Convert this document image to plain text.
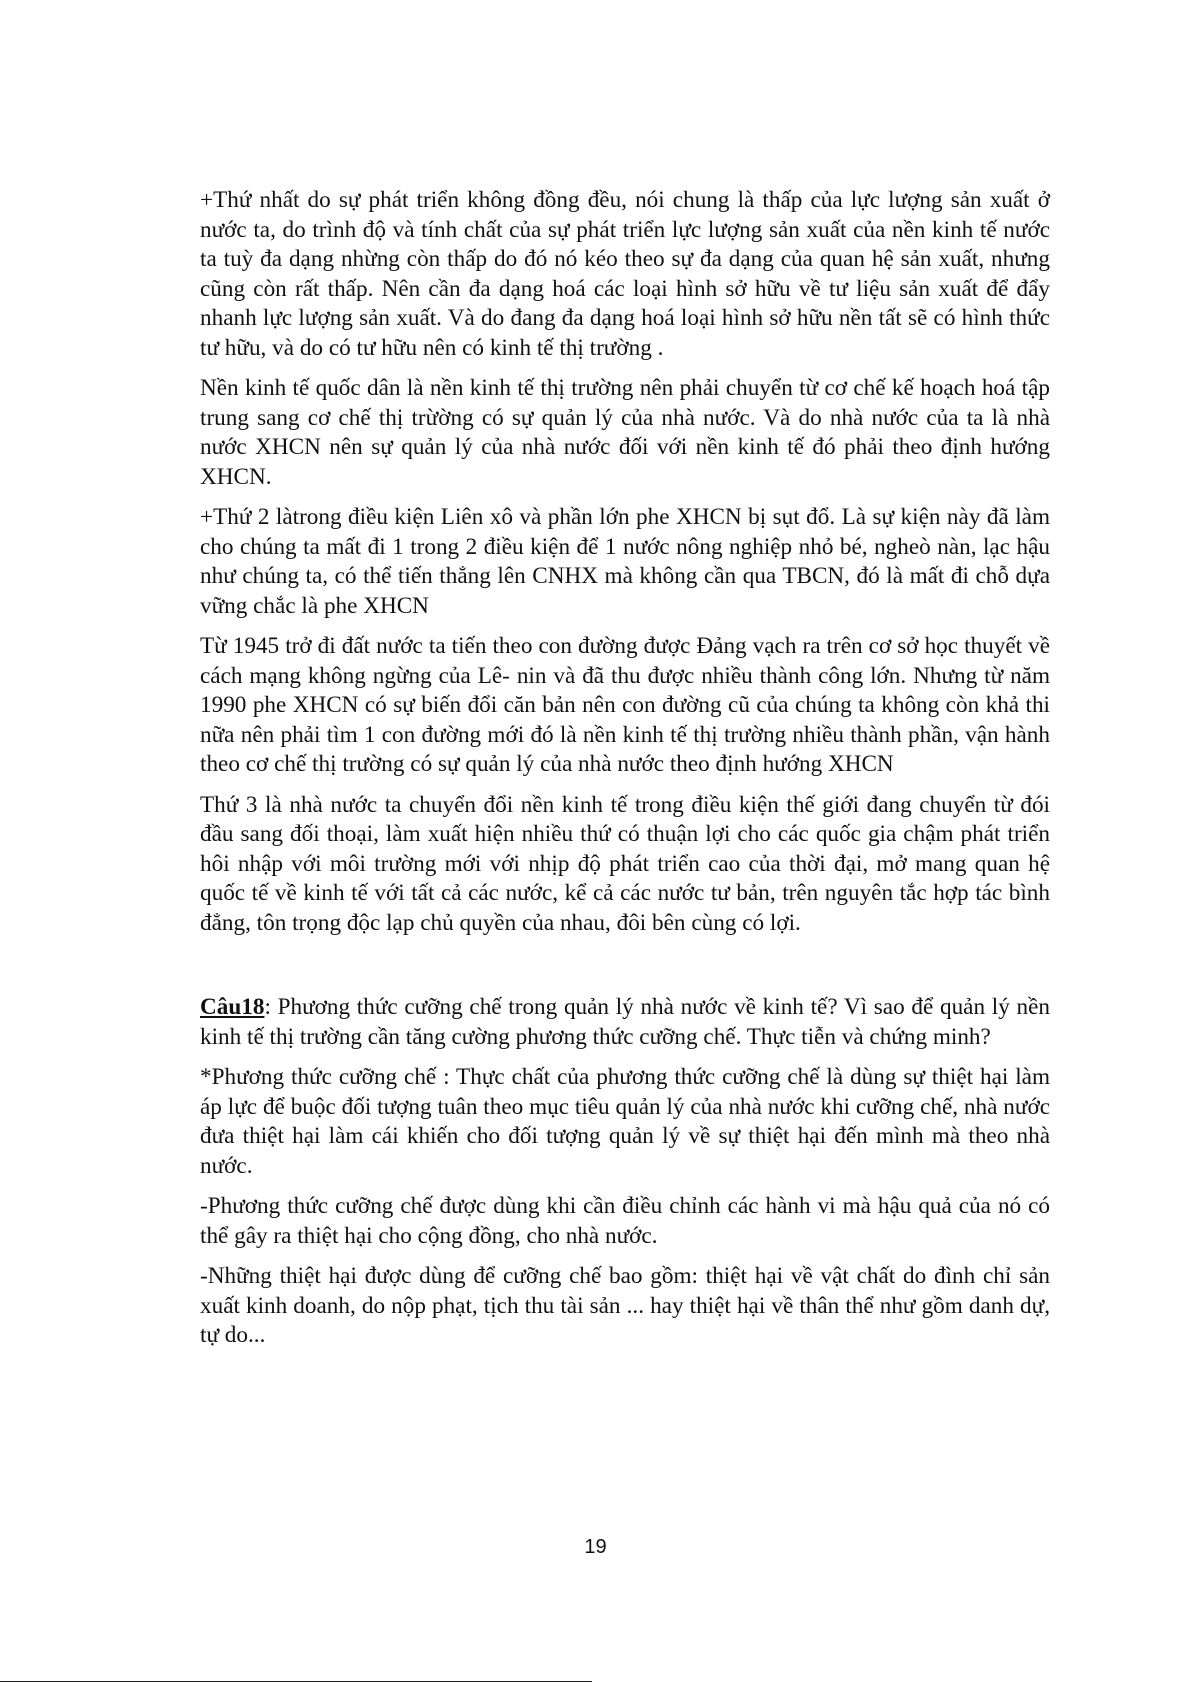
+Thứ nhất do sự phát triển không đồng đều, nói chung là thấp của lực lượng sản xuất ở nước ta, do trình độ và tính chất của sự phát triển lực lượng sản xuất của nền kinh tế nước ta tuỳ đa dạng nhừng còn thấp do đó nó kéo theo sự đa dạng của quan hệ sản xuất, nhưng cũng còn rất thấp. Nên cần đa dạng hoá các loại hình sở hữu về tư liệu sản xuất để đẩy nhanh lực lượng sản xuất. Và do đang đa dạng hoá loại hình sở hữu nền tất sẽ có hình thức tư hữu, và do có tư hữu nên có kinh tế thị trường .

Nền kinh tế quốc dân là nền kinh tế thị trường nên phải chuyển từ cơ chế kế hoạch hoá tập trung sang cơ chế thị trừờng có sự quản lý của nhà nước. Và do nhà nước của ta là nhà nước XHCN nên sự quản lý của nhà nước đối với nền kinh tế đó phải theo định hướng XHCN.

+Thứ 2 làtrong điều kiện Liên xô và phần lớn phe XHCN bị sụt đổ. Là sự kiện này đã làm cho chúng ta mất đi 1 trong 2 điều kiện để 1 nước nông nghiệp nhỏ bé, ngheò nàn, lạc hậu như chúng ta, có thể tiến thẳng lên CNHX mà không cần qua TBCN, đó là mất đi chỗ dựa vững chắc là phe XHCN

Từ 1945 trở đi đất nước ta tiến theo con đường được Đảng vạch ra trên cơ sở học thuyết về cách mạng không ngừng của Lê- nin và đã thu được nhiều thành công lớn. Nhưng từ năm 1990 phe XHCN có sự biến đổi căn bản nên con đường cũ của chúng ta không còn khả thi nữa nên phải tìm 1 con đường mới đó là nền kinh tế thị trường nhiều thành phần, vận hành theo cơ chế thị trường có sự quản lý của nhà nước theo định hướng XHCN

Thứ 3 là nhà nước ta chuyển đổi nền kinh tế trong điều kiện thế giới đang chuyển từ đói đầu sang đối thoại, làm xuất hiện nhiều thứ có thuận lợi cho các quốc gia chậm phát triển hôi nhập với môi trường mới với nhịp độ phát triển cao của thời đại, mở mang quan hệ quốc tế về kinh tế với tất cả các nước, kể cả các nước tư bản, trên nguyên tắc hợp tác bình đẳng, tôn trọng độc lạp chủ quyền của nhau, đôi bên cùng có lợi.

Câu18: Phương thức cưỡng chế trong quản lý nhà nước về kinh tế? Vì sao để quản lý nền kinh tế thị trường cần tăng cường phương thức cưỡng chế. Thực tiễn và chứng minh?

*Phương thức cưỡng chế : Thực chất của phương thức cưỡng chế là dùng sự thiệt hại làm áp lực để buộc đối tượng tuân theo mục tiêu quản lý của nhà nước khi cưỡng chế, nhà nước đưa thiệt hại làm cái khiến cho đối tượng quản lý về sự thiệt hại đến mình mà theo nhà nước.

-Phương thức cưỡng chế được dùng khi cần điều chỉnh các hành vi mà hậu quả của nó có thể gây ra thiệt hại cho cộng đồng, cho nhà nước.

-Những thiệt hại được dùng để cưỡng chế bao gồm: thiệt hại về vật chất do đình chỉ sản xuất kinh doanh, do nộp phạt, tịch thu tài sản ... hay thiệt hại về thân thể như gồm danh dự, tự do...

19
